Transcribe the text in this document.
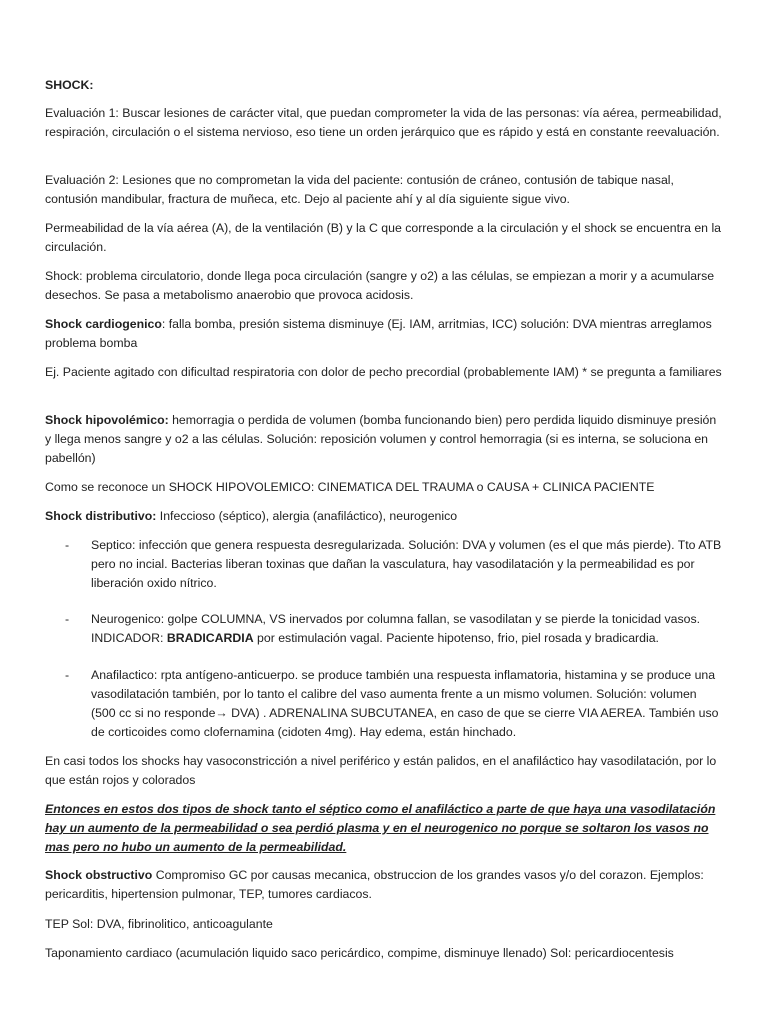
SHOCK:

Evaluación 1: Buscar lesiones de carácter vital, que puedan comprometer la vida de las personas: vía aérea, permeabilidad, respiración, circulación o el sistema nervioso, eso tiene un orden jerárquico que es rápido y está en constante reevaluación.

Evaluación 2: Lesiones que no comprometan la vida del paciente: contusión de cráneo, contusión de tabique nasal, contusión mandibular, fractura de muñeca, etc. Dejo al paciente ahí y al día siguiente sigue vivo.

Permeabilidad de la vía aérea (A), de la ventilación (B) y la C que corresponde a la circulación y el shock se encuentra en la circulación.

Shock: problema circulatorio, donde llega poca circulación (sangre y o2) a las células, se empiezan a morir y a acumularse desechos. Se pasa a metabolismo anaerobio que provoca acidosis.

Shock cardiogenico: falla bomba, presión sistema disminuye (Ej. IAM, arritmias, ICC) solución: DVA mientras arreglamos problema bomba

Ej. Paciente agitado con dificultad respiratoria con dolor de pecho precordial (probablemente IAM) * se pregunta a familiares

Shock hipovolémico: hemorragia o perdida de volumen (bomba funcionando bien) pero perdida liquido disminuye presión y llega menos sangre y o2 a las células. Solución: reposición volumen y control hemorragia (si es interna, se soluciona en pabellón)

Como se reconoce un SHOCK HIPOVOLEMICO: CINEMATICA DEL TRAUMA o CAUSA + CLINICA PACIENTE

Shock distributivo: Infeccioso (séptico), alergia (anafiláctico), neurogenico

- Septico: infección que genera respuesta desregularizada. Solución: DVA y volumen (es el que más pierde). Tto ATB pero no incial. Bacterias liberan toxinas que dañan la vasculatura, hay vasodilatación y la permeabilidad es por liberación oxido nítrico.

- Neurogenico: golpe COLUMNA, VS inervados por columna fallan, se vasodilatan y se pierde la tonicidad vasos. INDICADOR: BRADICARDIA por estimulación vagal. Paciente hipotenso, frio, piel rosada y bradicardia.

- Anafilactico: rpta antígeno-anticuerpo. se produce también una respuesta inflamatoria, histamina y se produce una vasodilatación también, por lo tanto el calibre del vaso aumenta frente a un mismo volumen. Solución: volumen (500 cc si no responde→ DVA) . ADRENALINA SUBCUTANEA, en caso de que se cierre VIA AEREA. También uso de corticoides como clofernamina (cidoten 4mg). Hay edema, están hinchado.

En casi todos los shocks hay vasoconstricción a nivel periférico y están palidos, en el anafiláctico hay vasodilatación, por lo que están rojos y colorados

Entonces en estos dos tipos de shock tanto el séptico como el anafiláctico a parte de que haya una vasodilatación hay un aumento de la permeabilidad o sea perdió plasma y en el neurogenico no porque se soltaron los vasos no mas pero no hubo un aumento de la permeabilidad.

Shock obstructivo Compromiso GC por causas mecanica, obstruccion de los grandes vasos y/o del corazon. Ejemplos: pericarditis, hipertension pulmonar, TEP, tumores cardiacos.

TEP Sol: DVA, fibrinolitico, anticoagulante

Taponamiento cardiaco (acumulación liquido saco pericárdico, compime, disminuye llenado) Sol: pericardiocentesis
